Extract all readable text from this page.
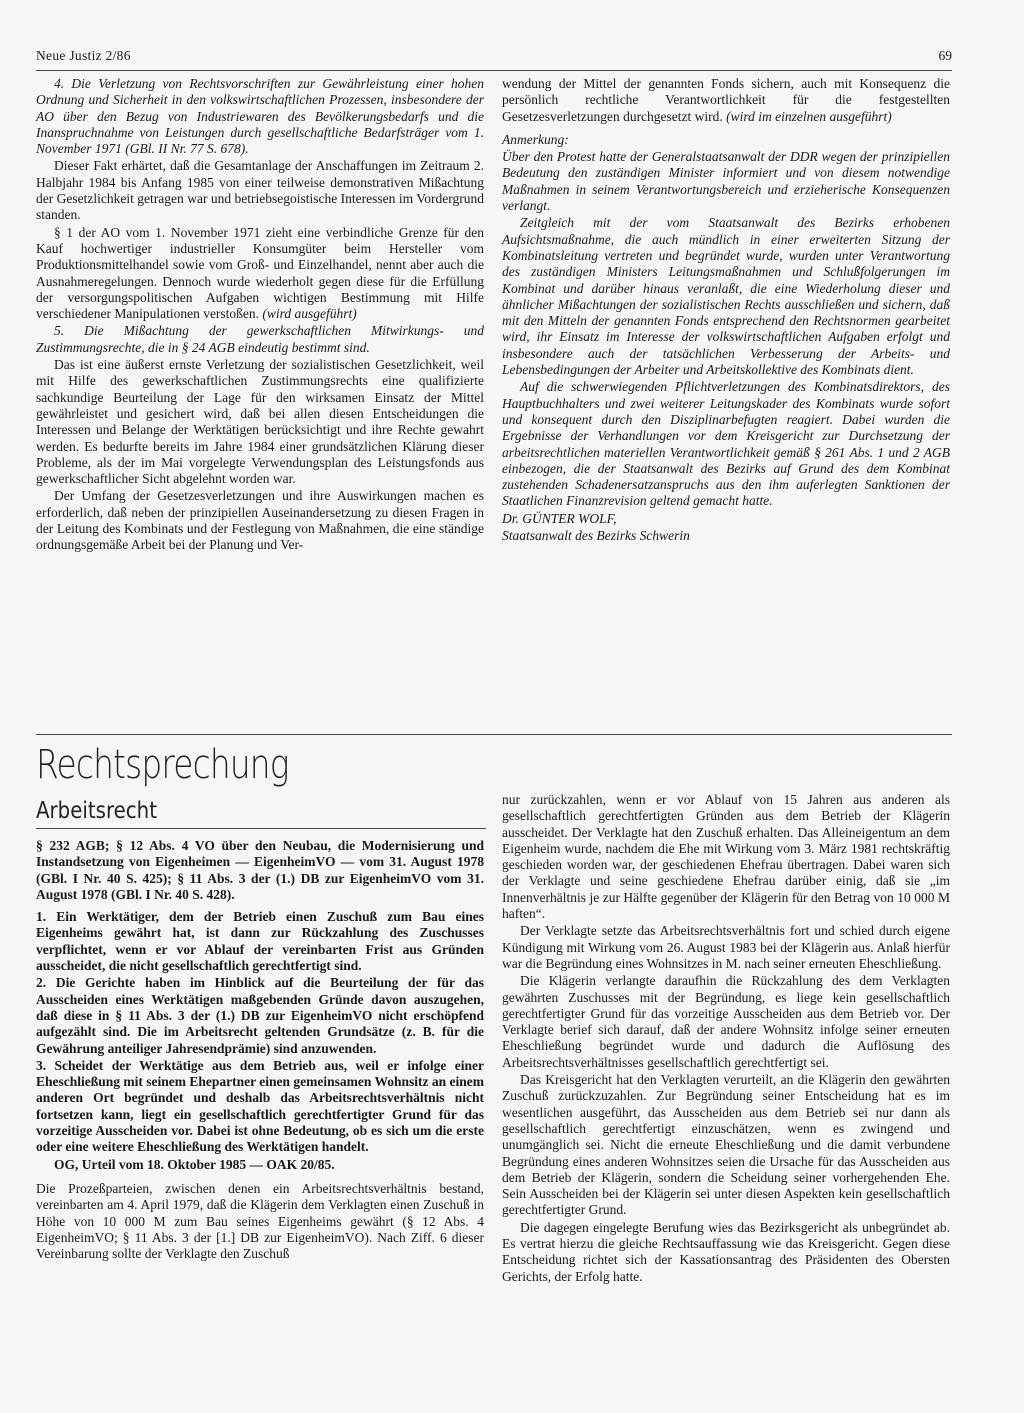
Neue Justiz 2/86	69

4. Die Verletzung von Rechtsvorschriften zur Gewährleistung einer hohen Ordnung und Sicherheit in den volkswirtschaftlichen Prozessen, insbesondere der AO über den Bezug von Industriewaren des Bevölkerungsbedarfs und die Inanspruchnahme von Leistungen durch gesellschaftliche Bedarfsträger vom 1. November 1971 (GBl. II Nr. 77 S. 678).

Dieser Fakt erhärtet, daß die Gesamtanlage der Anschaffungen im Zeitraum 2. Halbjahr 1984 bis Anfang 1985 von einer teilweise demonstrativen Mißachtung der Gesetzlichkeit getragen war und betriebsegoistische Interessen im Vordergrund standen.

§ 1 der AO vom 1. November 1971 zieht eine verbindliche Grenze für den Kauf hochwertiger industrieller Konsumgüter beim Hersteller vom Produktionsmittelhandel sowie vom Groß- und Einzelhandel, nennt aber auch die Ausnahmeregelungen. Dennoch wurde wiederholt gegen diese für die Erfüllung der versorgungspolitischen Aufgaben wichtigen Bestimmung mit Hilfe verschiedener Manipulationen verstoßen. (wird ausgeführt)

5. Die Mißachtung der gewerkschaftlichen Mitwirkungs- und Zustimmungsrechte, die in § 24 AGB eindeutig bestimmt sind.

Das ist eine äußerst ernste Verletzung der sozialistischen Gesetzlichkeit, weil mit Hilfe des gewerkschaftlichen Zustimmungsrechts eine qualifizierte sachkundige Beurteilung der Lage für den wirksamen Einsatz der Mittel gewährleistet und gesichert wird, daß bei allen diesen Entscheidungen die Interessen und Belange der Werktätigen berücksichtigt und ihre Rechte gewahrt werden. Es bedurfte bereits im Jahre 1984 einer grundsätzlichen Klärung dieser Probleme, als der im Mai vorgelegte Verwendungsplan des Leistungsfonds aus gewerkschaftlicher Sicht abgelehnt worden war.

Der Umfang der Gesetzesverletzungen und ihre Auswirkungen machen es erforderlich, daß neben der prinzipiellen Auseinandersetzung zu diesen Fragen in der Leitung des Kombinats und der Festlegung von Maßnahmen, die eine ständige ordnungsgemäße Arbeit bei der Planung und Ver-

wendung der Mittel der genannten Fonds sichern, auch mit Konsequenz die persönlich rechtliche Verantwortlichkeit für die festgestellten Gesetzesverletzungen durchgesetzt wird. (wird im einzelnen ausgeführt)

Anmerkung:

Über den Protest hatte der Generalstaatsanwalt der DDR wegen der prinzipiellen Bedeutung den zuständigen Minister informiert und von diesem notwendige Maßnahmen in seinem Verantwortungsbereich und erzieherische Konsequenzen verlangt.

Zeitgleich mit der vom Staatsanwalt des Bezirks erhobenen Aufsichtsmaßnahme, die auch mündlich in einer erweiterten Sitzung der Kombinatsleitung vertreten und begründet wurde, wurden unter Verantwortung des zuständigen Ministers Leitungsmaßnahmen und Schlußfolgerungen im Kombinat und darüber hinaus veranlaßt, die eine Wiederholung dieser und ähnlicher Mißachtungen der sozialistischen Rechts ausschließen und sichern, daß mit den Mitteln der genannten Fonds entsprechend den Rechtsnormen gearbeitet wird, ihr Einsatz im Interesse der volkswirtschaftlichen Aufgaben erfolgt und insbesondere auch der tatsächlichen Verbesserung der Arbeits- und Lebensbedingungen der Arbeiter und Arbeitskollektive des Kombinats dient.

Auf die schwerwiegenden Pflichtverletzungen des Kombinatsdirektors, des Hauptbuchhalters und zwei weiterer Leitungskader des Kombinats wurde sofort und konsequent durch den Disziplinarbefugten reagiert. Dabei wurden die Ergebnisse der Verhandlungen vor dem Kreisgericht zur Durchsetzung der arbeitsrechtlichen materiellen Verantwortlichkeit gemäß § 261 Abs. 1 und 2 AGB einbezogen, die der Staatsanwalt des Bezirks auf Grund des dem Kombinat zustehenden Schadenersatzanspruchs aus den ihm auferlegten Sanktionen der Staatlichen Finanzrevision geltend gemacht hatte.

Dr. GÜNTER WOLF,

Staatsanwalt des Bezirks Schwerin

Rechtsprechung
Arbeitsrecht

§ 232 AGB; § 12 Abs. 4 VO über den Neubau, die Modernisierung und Instandsetzung von Eigenheimen — EigenheimVO — vom 31. August 1978 (GBl. I Nr. 40 S. 425); § 11 Abs. 3 der (1.) DB zur EigenheimVO vom 31. August 1978 (GBl. I Nr. 40 S. 428).

1. Ein Werktätiger, dem der Betrieb einen Zuschuß zum Bau eines Eigenheims gewährt hat, ist dann zur Rückzahlung des Zuschusses verpflichtet, wenn er vor Ablauf der vereinbarten Frist aus Gründen ausscheidet, die nicht gesellschaftlich gerechtfertigt sind.

2. Die Gerichte haben im Hinblick auf die Beurteilung der für das Ausscheiden eines Werktätigen maßgebenden Gründe davon auszugehen, daß diese in § 11 Abs. 3 der (1.) DB zur EigenheimVO nicht erschöpfend aufgezählt sind. Die im Arbeitsrecht geltenden Grundsätze (z. B. für die Gewährung anteiliger Jahresendprämie) sind anzuwenden.

3. Scheidet der Werktätige aus dem Betrieb aus, weil er infolge einer Eheschließung mit seinem Ehepartner einen gemeinsamen Wohnsitz an einem anderen Ort begründet und deshalb das Arbeitsrechtsverhältnis nicht fortsetzen kann, liegt ein gesellschaftlich gerechtfertigter Grund für das vorzeitige Ausscheiden vor. Dabei ist ohne Bedeutung, ob es sich um die erste oder eine weitere Eheschließung des Werktätigen handelt.

OG, Urteil vom 18. Oktober 1985 — OAK 20/85.

Die Prozeßparteien, zwischen denen ein Arbeitsrechtsverhältnis bestand, vereinbarten am 4. April 1979, daß die Klägerin dem Verklagten einen Zuschuß in Höhe von 10 000 M zum Bau seines Eigenheims gewährt (§ 12 Abs. 4 EigenheimVO; § 11 Abs. 3 der [1.] DB zur EigenheimVO). Nach Ziff. 6 dieser Vereinbarung sollte der Verklagte den Zuschuß

nur zurückzahlen, wenn er vor Ablauf von 15 Jahren aus anderen als gesellschaftlich gerechtfertigten Gründen aus dem Betrieb der Klägerin ausscheidet. Der Verklagte hat den Zuschuß erhalten. Das Alleineigentum an dem Eigenheim wurde, nachdem die Ehe mit Wirkung vom 3. März 1981 rechtskräftig geschieden worden war, der geschiedenen Ehefrau übertragen. Dabei waren sich der Verklagte und seine geschiedene Ehefrau darüber einig, daß sie „im Innenverhältnis je zur Hälfte gegenüber der Klägerin für den Betrag von 10 000 M haften“.

Der Verklagte setzte das Arbeitsrechtsverhältnis fort und schied durch eigene Kündigung mit Wirkung vom 26. August 1983 bei der Klägerin aus. Anlaß hierfür war die Begründung eines Wohnsitzes in M. nach seiner erneuten Eheschließung.

Die Klägerin verlangte daraufhin die Rückzahlung des dem Verklagten gewährten Zuschusses mit der Begründung, es liege kein gesellschaftlich gerechtfertigter Grund für das vorzeitige Ausscheiden aus dem Betrieb vor. Der Verklagte berief sich darauf, daß der andere Wohnsitz infolge seiner erneuten Eheschließung begründet wurde und dadurch die Auflösung des Arbeitsrechtsverhältnisses gesellschaftlich gerechtfertigt sei.

Das Kreisgericht hat den Verklagten verurteilt, an die Klägerin den gewährten Zuschuß zurückzuzahlen. Zur Begründung seiner Entscheidung hat es im wesentlichen ausgeführt, das Ausscheiden aus dem Betrieb sei nur dann als gesellschaftlich gerechtfertigt einzuschätzen, wenn es zwingend und unumgänglich sei. Nicht die erneute Eheschließung und die damit verbundene Begründung eines anderen Wohnsitzes seien die Ursache für das Ausscheiden aus dem Betrieb der Klägerin, sondern die Scheidung seiner vorhergehenden Ehe. Sein Ausscheiden bei der Klägerin sei unter diesen Aspekten kein gesellschaftlich gerechtfertigter Grund.

Die dagegen eingelegte Berufung wies das Bezirksgericht als unbegründet ab. Es vertrat hierzu die gleiche Rechtsauffassung wie das Kreisgericht. Gegen diese Entscheidung richtet sich der Kassationsantrag des Präsidenten des Obersten Gerichts, der Erfolg hatte.
